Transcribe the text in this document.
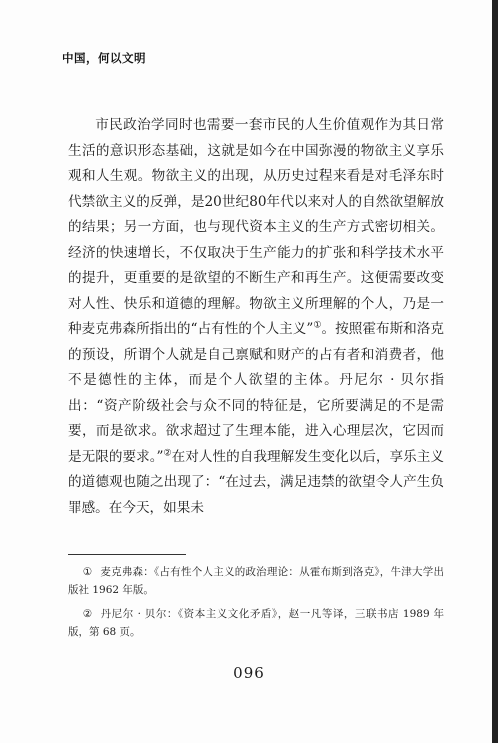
中国，何以文明

市民政治学同时也需要一套市民的人生价值观作为其日常生活的意识形态基础，这就是如今在中国弥漫的物欲主义享乐观和人生观。物欲主义的出现，从历史过程来看是对毛泽东时代禁欲主义的反弹，是20世纪80年代以来对人的自然欲望解放的结果；另一方面，也与现代资本主义的生产方式密切相关。经济的快速增长，不仅取决于生产能力的扩张和科学技术水平的提升，更重要的是欲望的不断生产和再生产。这便需要改变对人性、快乐和道德的理解。物欲主义所理解的个人，乃是一种麦克弗森所指出的“占有性的个人主义”①。按照霍布斯和洛克的预设，所谓个人就是自己禀赋和财产的占有者和消费者，他不是德性的主体，而是个人欲望的主体。丹尼尔 · 贝尔指出：“资产阶级社会与众不同的特征是，它所要满足的不是需要，而是欲求。欲求超过了生理本能，进入心理层次，它因而是无限的要求。”②在对人性的自我理解发生变化以后，享乐主义的道德观也随之出现了：“在过去，满足违禁的欲望令人产生负罪感。在今天，如果未

① 麦克弗森：《占有性个人主义的政治理论：从霍布斯到洛克》，牛津大学出版社 1962 年版。

② 丹尼尔 · 贝尔：《资本主义文化矛盾》，赵一凡等译，三联书店 1989 年版，第 68 页。

096
